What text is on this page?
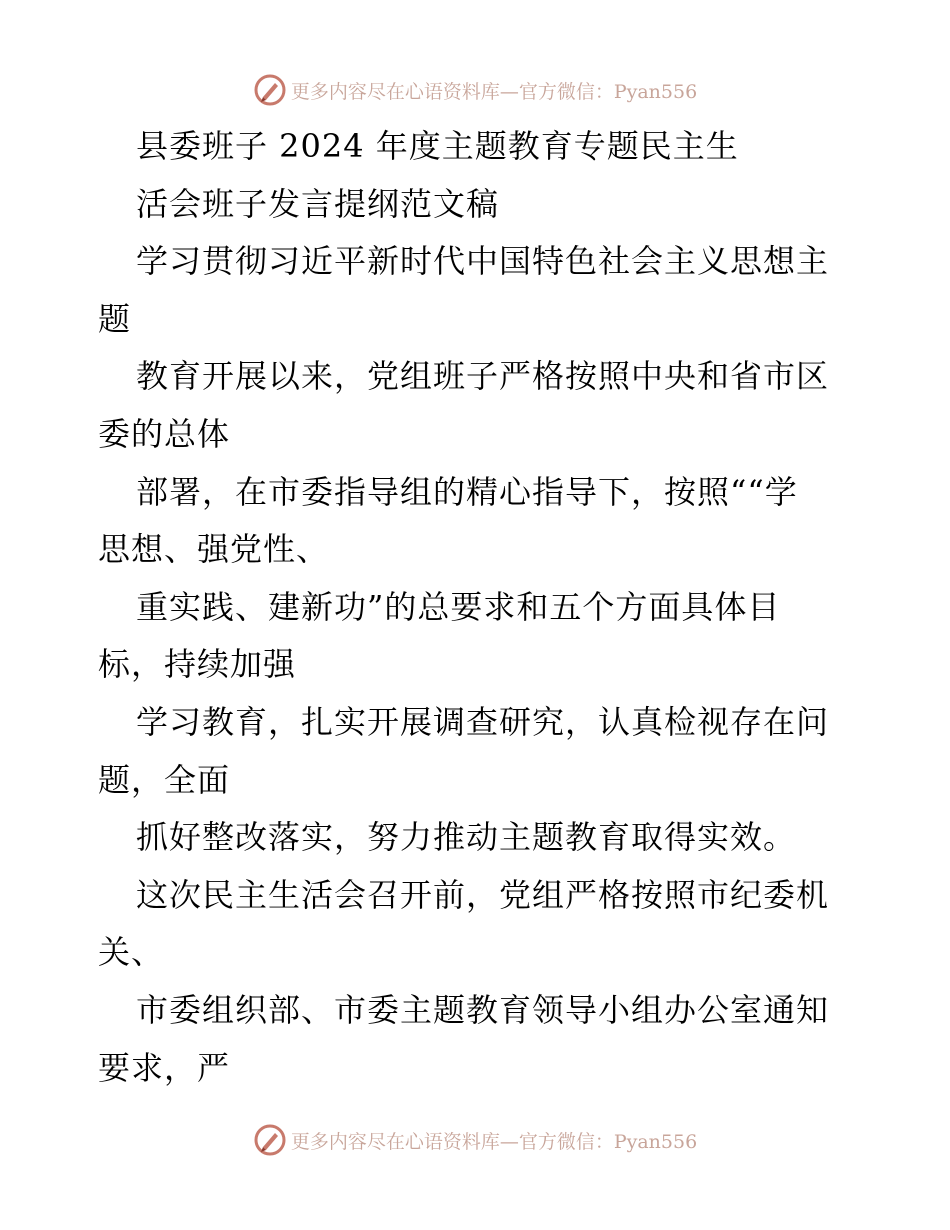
更多内容尽在心语资料库—官方微信：Pyan556
县委班子 2024 年度主题教育专题民主生
活会班子发言提纲范文稿
学习贯彻习近平新时代中国特色社会主义思想主
题
教育开展以来，党组班子严格按照中央和省市区
委的总体
部署，在市委指导组的精心指导下，按照““学
思想、强党性、
重实践、建新功”的总要求和五个方面具体目
标，持续加强
学习教育，扎实开展调查研究，认真检视存在问
题，全面
抓好整改落实，努力推动主题教育取得实效。
这次民主生活会召开前，党组严格按照市纪委机
关、
市委组织部、市委主题教育领导小组办公室通知
要求，严
更多内容尽在心语资料库—官方微信：Pyan556
